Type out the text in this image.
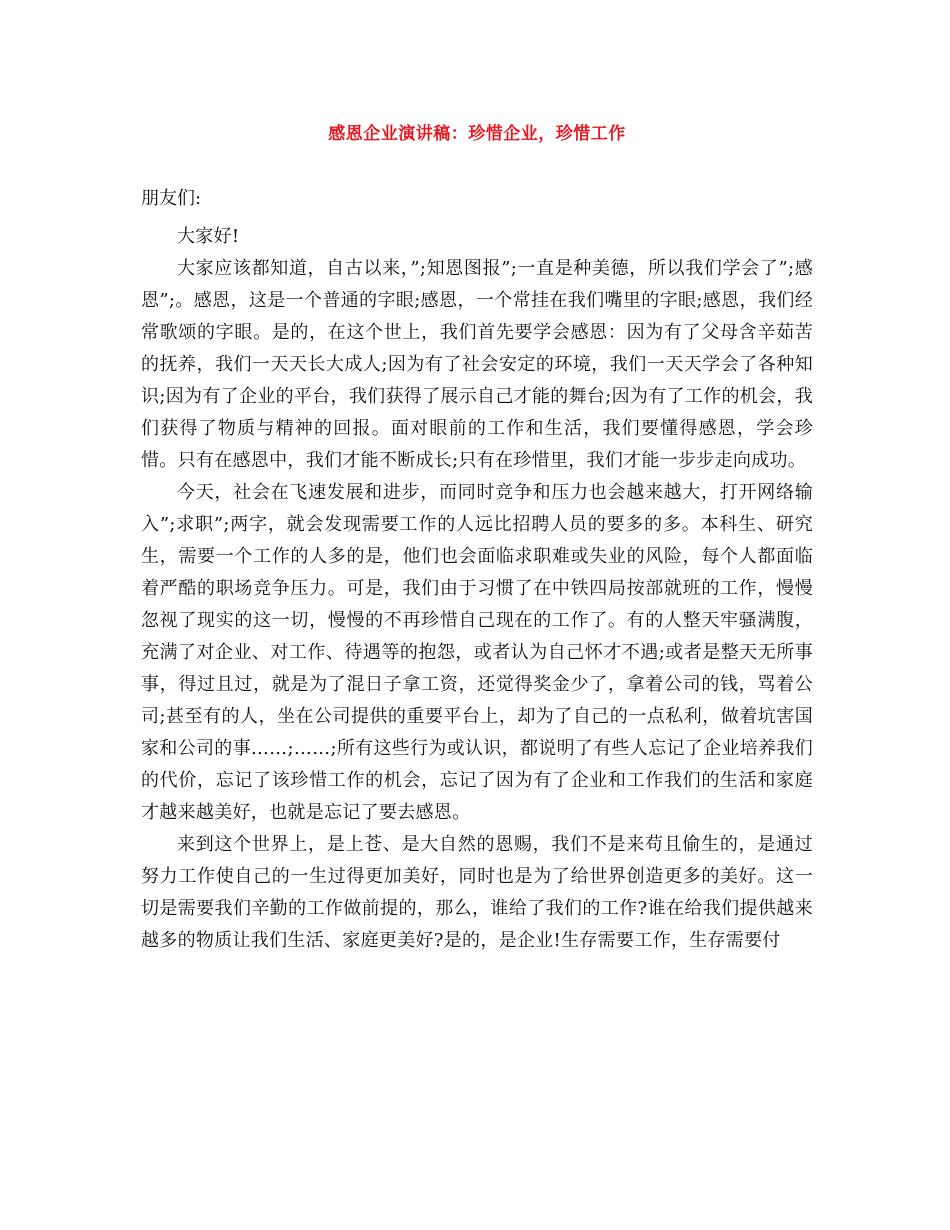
感恩企业演讲稿：珍惜企业，珍惜工作

朋友们:

大家好!

大家应该都知道，自古以来，”;知恩图报”;一直是种美德，所以我们学会了”;感恩”;。感恩，这是一个普通的字眼;感恩，一个常挂在我们嘴里的字眼;感恩，我们经常歌颂的字眼。是的，在这个世上，我们首先要学会感恩：因为有了父母含辛茹苦的抚养，我们一天天长大成人;因为有了社会安定的环境，我们一天天学会了各种知识;因为有了企业的平台，我们获得了展示自己才能的舞台;因为有了工作的机会，我们获得了物质与精神的回报。面对眼前的工作和生活，我们要懂得感恩，学会珍惜。只有在感恩中，我们才能不断成长;只有在珍惜里，我们才能一步步走向成功。

今天，社会在飞速发展和进步，而同时竞争和压力也会越来越大，打开网络输入”;求职”;两字，就会发现需要工作的人远比招聘人员的要多的多。本科生、研究生，需要一个工作的人多的是，他们也会面临求职难或失业的风险，每个人都面临着严酷的职场竞争压力。可是，我们由于习惯了在中铁四局按部就班的工作，慢慢忽视了现实的这一切，慢慢的不再珍惜自己现在的工作了。有的人整天牢骚满腹，充满了对企业、对工作、待遇等的抱怨，或者认为自己怀才不遇;或者是整天无所事事，得过且过，就是为了混日子拿工资，还觉得奖金少了，拿着公司的钱，骂着公司;甚至有的人，坐在公司提供的重要平台上，却为了自己的一点私利，做着坑害国家和公司的事……;……;所有这些行为或认识，都说明了有些人忘记了企业培养我们的代价，忘记了该珍惜工作的机会，忘记了因为有了企业和工作我们的生活和家庭才越来越美好，也就是忘记了要去感恩。

来到这个世界上，是上苍、是大自然的恩赐，我们不是来苟且偷生的，是通过努力工作使自己的一生过得更加美好，同时也是为了给世界创造更多的美好。这一切是需要我们辛勤的工作做前提的，那么，谁给了我们的工作?谁在给我们提供越来越多的物质让我们生活、家庭更美好?是的，是企业!生存需要工作，生存需要付
